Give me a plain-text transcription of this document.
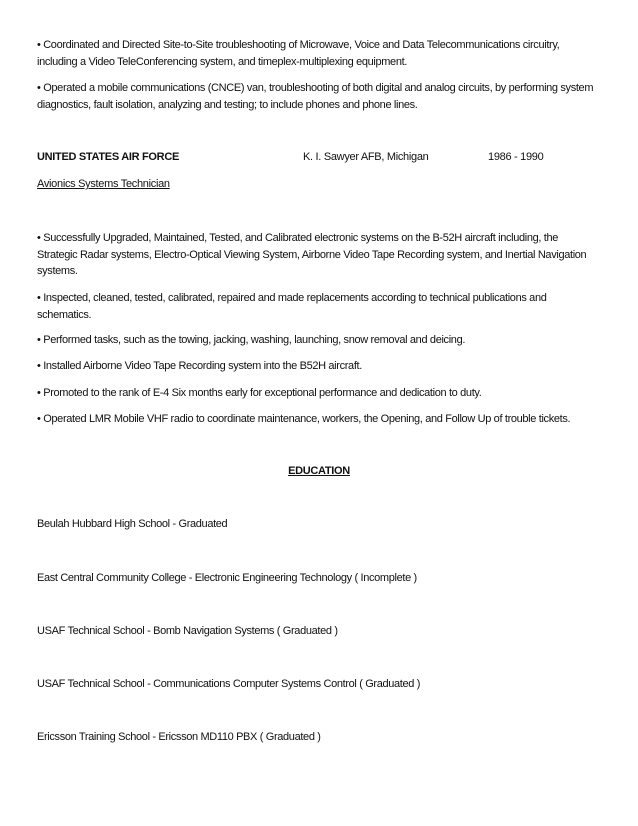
• Coordinated and Directed Site-to-Site troubleshooting of Microwave, Voice and Data Telecommunications circuitry, including a Video TeleConferencing system, and timeplex-multiplexing equipment.

• Operated a mobile communications (CNCE) van, troubleshooting of both digital and analog circuits, by performing system diagnostics, fault isolation, analyzing and testing; to include phones and phone lines.

UNITED STATES AIR FORCE	K. I. Sawyer AFB, Michigan	1986 - 1990
Avionics Systems Technician

• Successfully Upgraded, Maintained, Tested, and Calibrated electronic systems on the B-52H aircraft including, the Strategic Radar systems, Electro-Optical Viewing System, Airborne Video Tape Recording system, and Inertial Navigation systems.

• Inspected, cleaned, tested, calibrated, repaired and made replacements according to technical publications and schematics.

• Performed tasks, such as the towing, jacking, washing, launching, snow removal and deicing.

• Installed Airborne Video Tape Recording system into the B52H aircraft.

• Promoted to the rank of E-4 Six months early for exceptional performance and dedication to duty.

• Operated LMR Mobile VHF radio to coordinate maintenance, workers, the Opening, and Follow Up of trouble tickets.

EDUCATION
Beulah Hubbard High School - Graduated
East Central Community College - Electronic Engineering Technology ( Incomplete )
USAF Technical School - Bomb Navigation Systems ( Graduated )
USAF Technical School - Communications Computer Systems Control ( Graduated )
Ericsson Training School - Ericsson MD110 PBX ( Graduated )
